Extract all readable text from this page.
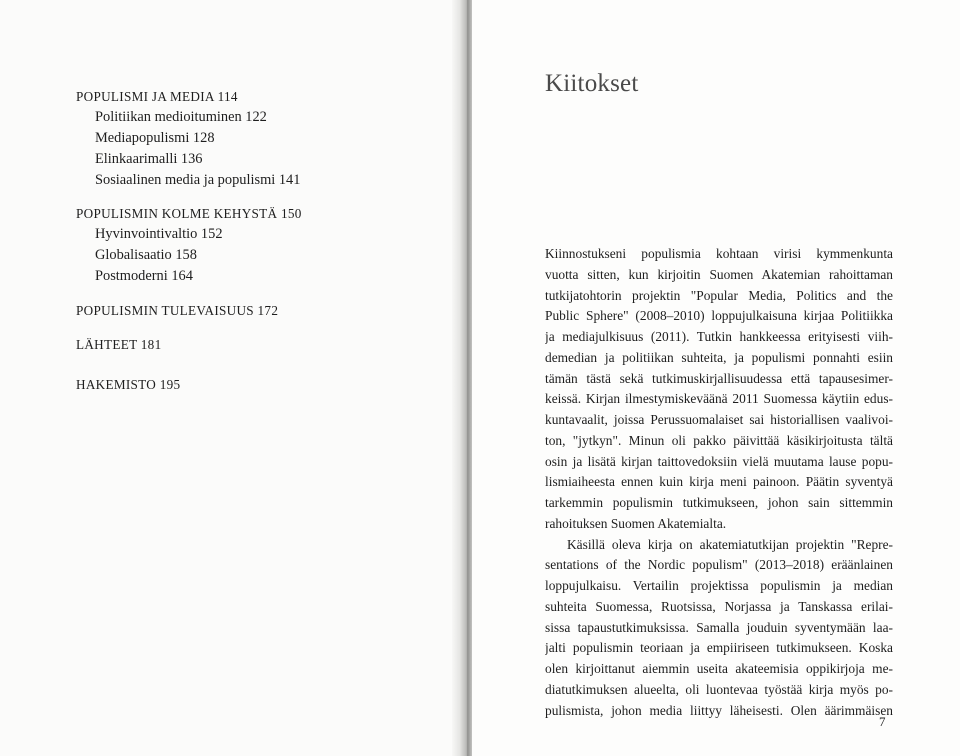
POPULISMI JA MEDIA 114
Politiikan medioituminen 122
Mediapopulismi 128
Elinkaarimalli 136
Sosiaalinen media ja populismi 141
POPULISMIN KOLME KEHYSTÄ 150
Hyvinvointivaltio 152
Globalisaatio 158
Postmoderni 164
POPULISMIN TULEVAISUUS 172
LÄHTEET 181
HAKEMISTO 195
Kiitokset
Kiinnostukseni populismia kohtaan virisi kymmenkunta
vuotta sitten, kun kirjoitin Suomen Akatemian rahoittaman
tutkijatohtorin projektin "Popular Media, Politics and the
Public Sphere" (2008–2010) loppujulkaisuna kirjaa Politiikka
ja mediajulkisuus (2011). Tutkin hankkeessa erityisesti viih-
demedian ja politiikan suhteita, ja populismi ponnahti esiin
tämän tästä sekä tutkimuskirjallisuudessa että tapausesimer-
keissä. Kirjan ilmestymiskeväänä 2011 Suomessa käytiin edus-
kuntavaalit, joissa Perussuomalaiset sai historiallisen vaalivoi-
ton, "jytkyn". Minun oli pakko päivittää käsikirjoitusta tältä
osin ja lisätä kirjan taittovedoksiin vielä muutama lause popu-
lismiaiheesta ennen kuin kirja meni painoon. Päätin syventyä
tarkemmin populismin tutkimukseen, johon sain sittemmin
rahoituksen Suomen Akatemialta.
Käsillä oleva kirja on akatemiatutkijan projektin "Repre-
sentations of the Nordic populism" (2013–2018) eräänlainen
loppujulkaisu. Vertailin projektissa populismin ja median
suhteita Suomessa, Ruotsissa, Norjassa ja Tanskassa erilai-
sissa tapaustutkimuksissa. Samalla jouduin syventymään laa-
jalti populismin teoriaan ja empiiriseen tutkimukseen. Koska
olen kirjoittanut aiemmin useita akateemisia oppikirjoja me-
diatutkimuksen alueelta, oli luontevaa työstää kirja myös po-
pulismista, johon media liittyy läheisesti. Olen äärimmäisen
7
